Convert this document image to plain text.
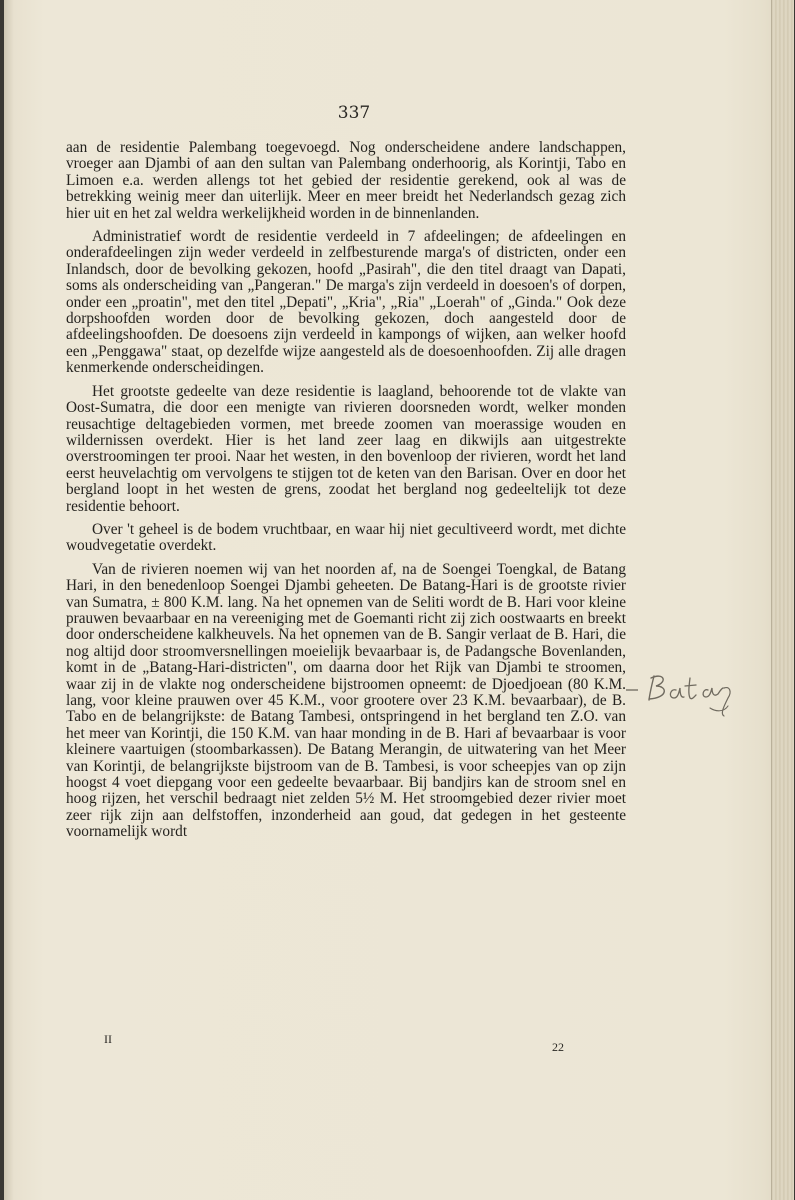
337

aan de residentie Palembang toegevoegd. Nog onderscheidene andere landschappen, vroeger aan Djambi of aan den sultan van Palembang onderhoorig, als Korintji, Tabo en Limoen e.a. werden allengs tot het gebied der residentie gerekend, ook al was de betrekking weinig meer dan uiterlijk. Meer en meer breidt het Nederlandsch gezag zich hier uit en het zal weldra werkelijkheid worden in de binnenlanden.

Administratief wordt de residentie verdeeld in 7 afdeelingen; de afdeelingen en onderafdeelingen zijn weder verdeeld in zelfbesturende marga's of districten, onder een Inlandsch, door de bevolking gekozen, hoofd „Pasirah", die den titel draagt van Dapati, soms als onderscheiding van „Pangeran." De marga's zijn verdeeld in doesoen's of dorpen, onder een „proatin", met den titel „Depati", „Kria", „Ria" „Loerah" of „Ginda." Ook deze dorpshoofden worden door de bevolking gekozen, doch aangesteld door de afdeelingshoofden. De doesoens zijn verdeeld in kampongs of wijken, aan welker hoofd een „Penggawa" staat, op dezelfde wijze aangesteld als de doesoenhoofden. Zij alle dragen kenmerkende onderscheidingen.

Het grootste gedeelte van deze residentie is laagland, behoorende tot de vlakte van Oost-Sumatra, die door een menigte van rivieren doorsneden wordt, welker monden reusachtige deltagebieden vormen, met breede zoomen van moerassige wouden en wildernissen overdekt. Hier is het land zeer laag en dikwijls aan uitgestrekte overstroomingen ter prooi. Naar het westen, in den bovenloop der rivieren, wordt het land eerst heuvelachtig om vervolgens te stijgen tot de keten van den Barisan. Over en door het bergland loopt in het westen de grens, zoodat het bergland nog gedeeltelijk tot deze residentie behoort.

Over 't geheel is de bodem vruchtbaar, en waar hij niet gecultiveerd wordt, met dichte woudvegetatie overdekt.

Van de rivieren noemen wij van het noorden af, na de Soengei Toengkal, de Batang Hari, in den benedenloop Soengei Djambi geheeten. De Batang-Hari is de grootste rivier van Sumatra, ± 800 K.M. lang. Na het opnemen van de Seliti wordt de B. Hari voor kleine prauwen bevaarbaar en na vereeniging met de Goemanti richt zij zich oostwaarts en breekt door onderscheidene kalkheuvels. Na het opnemen van de B. Sangir verlaat de B. Hari, die nog altijd door stroomversnellingen moeielijk bevaarbaar is, de Padangsche Bovenlanden, komt in de „Batang-Hari-districten", om daarna door het Rijk van Djambi te stroomen, waar zij in de vlakte nog onderscheidene bijstroomen opneemt: de Djoedjoean (80 K.M. lang, voor kleine prauwen over 45 K.M., voor grootere over 23 K.M. bevaarbaar), de B. Tabo en de belangrijkste: de Batang Tambesi, ontspringend in het bergland ten Z.O. van het meer van Korintji, die 150 K.M. van haar monding in de B. Hari af bevaarbaar is voor kleinere vaartuigen (stoombarkassen). De Batang Merangin, de uitwatering van het Meer van Korintji, de belangrijkste bijstroom van de B. Tambesi, is voor scheepjes van op zijn hoogst 4 voet diepgang voor een gedeelte bevaarbaar. Bij bandjirs kan de stroom snel en hoog rijzen, het verschil bedraagt niet zelden 5½ M. Het stroomgebied dezer rivier moet zeer rijk zijn aan delfstoffen, inzonderheid aan goud, dat gedegen in het gesteente voornamelijk wordt

II
22
